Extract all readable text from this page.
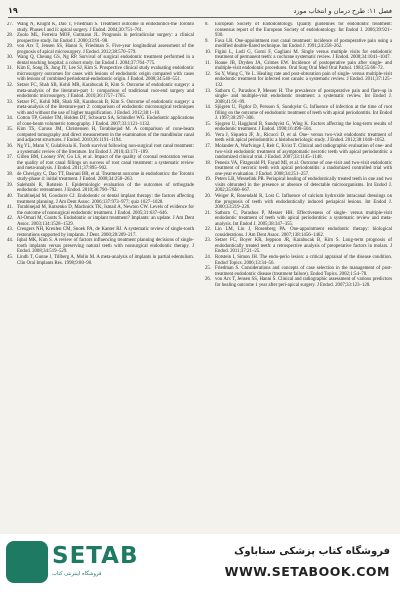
۱۹	فصل ۱۱: طرح درمان و انتخاب مورد
27. Wang N, Knight K, Dao T, Friedman S. Treatment outcome in endodontics-the Toronto study. Phases I and ii: apical surgery. J Endod. 2004;30:751–761.
28. Zuolo ML, Ferreira MOF, Gutmann JL. Prognosis in periradicular surgery: a clinical prospective study. Int Endod J. 2000;33:91–98.
29. von Arx T, Jensen SS, Hanni S, Friedman S. Five-year longitudinal assessment of the prognosis of apical microsurgery. J Endod. 2012;38:570–579.
30. Wang Q, Cheung GS, Ng RP. Survival of surgical endodontic treatment performed in a dental teaching hospital: a cohort study. Int Endod J. 2004;37:764–775.
31. Kim E, Song JS, Jung IY, Lee SJ, Kim S. Prospective clinical study evaluating endodontic microsurgery outcomes for cases with lesions of endodontic origin compared with cases with lesions of combined periodontal-endodontic origin. J Endod. 2008;34:546–551.
32. Setzer FC, Shah SB, Kohli MR, Karabucak B, Kim S. Outcome of endodontic surgery: a meta-analysis of the literature-part 1: comparison of traditional root-end surgery and endodontic microsurgery. J Endod. 2010;36:1757–1765.
33. Setzer FC, Kohli MR, Shah SB, Karabucak B, Kim S. Outcome of endodontic surgery: a meta-analysis of the literature-part 2: comparison of endodontic microsurgical techniques with and without the use of higher magnification. J Endod. 2012;38:1–10.
34. Cotton TP, Geisler TM, Holden DT, Schwartz SA, Schindler WG. Endodontic applications of cone-beam volumetric tomography. J Endod. 2007;33:1121–1132.
35. Kim TS, Caruso JM, Christensen H, Torabinejad M. A comparison of cone-beam computed tomography and direct measurement in the examination of the mandibular canal and adjacent structures. J Endod. 2010;36:1191–1194.
36. Ng YL, Mann V, Gulabivala K. Tooth survival following non-surgical root canal treatment: a systematic review of the literature. Int Endod J. 2010;43:171–189.
37. Gillen BM, Looney SW, Gu LS, et al. Impact of the quality of coronal restoration versus the quality of root canal fillings on success of root canal treatment: a systematic review and meta-analysis. J Endod. 2011;37:895–902.
38. de Chevigny C, Dao TT, Basrani BR, et al. Treatment outcome in endodontics: the Toronto study-phase 4: initial treatment. J Endod. 2008;34:258–263.
39. Salehrabi R, Rotstein I. Epidemiologic evaluation of the outcomes of orthograde endodontic retreatment. J Endod. 2010;36:790–792.
40. Torabinejad M, Goodacre CJ. Endodontic or dental implant therapy: the factors affecting treatment planning. J Am Dent Assoc. 2006;137:973–977; quiz 1027–1028.
41. Torabinejad M, Kutsenko D, Machnick TK, Ismail A, Newton CW. Levels of evidence for the outcome of nonsurgical endodontic treatment. J Endod. 2005;31:637–646.
42. Al-Omari M, Coutts S. Endodontic or implant treatment? Implants: an update. J Am Dent Assoc. 2003;134:1528–1529.
43. Creugers NH, Kreulen CM, Snoek PA, de Kanter RJ. A systematic review of single-tooth restorations supported by implants. J Dent. 2000;28:209–217.
44. Iqbal MK, Kim S. A review of factors influencing treatment planning decisions of single-tooth implants versus preserving natural teeth with nonsurgical endodontic therapy. J Endod. 2008;34:519–529.
45. Lindh T, Gunne J, Tillberg A, Molin M. A meta-analysis of implants in partial edentulism. Clin Oral Implants Res. 1998;9:80–90.
8.	European Society of Endodontology. Quality guidelines for endodontic treatment: consensus report of the European Society of endodontology. Int Endod J. 2006;39:921–930.
9.	Fava LR. One-appointment root canal treatment: incidence of postoperative pain using a modified double-flared technique. Int Endod J. 1991;24:258–262.
10. Figini L, Lodi G, Gorni F, Gagliani M. Single versus multiple visits for endodontic treatment of permanent teeth: a cochrane systematic review. J Endod. 2008;34:1041–1047.
11. Roane JB, Dryden JA, Grimes EW. Incidence of postoperative pain after single- and multiple-visit endodontic procedures. Oral Surg Oral Med Oral Pathol. 1983;55:68–72.
12. Su Y, Wang C, Ye L. Healing rate and post-obturation pain of single- versus multiple-visit endodontic treatment for infected root canals: a systematic review. J Endod. 2011;37:125–132.
13. Sathorn C, Parashos P, Messer H. The prevalence of postoperative pain and flare-up in single- and multiple-visit endodontic treatment: a systematic review. Int Endod J. 2008;41:91–99.
14. Sjögren U, Figdor D, Persson S, Sundqvist G. Influence of infection at the time of root filling on the outcome of endodontic treatment of teeth with apical periodontitis. Int Endod J. 1997;30:297–306.
15. Sjogren U, Hagglund B, Sundqvist G, Wing K. Factors affecting the long-term results of endodontic treatment. J Endod. 1990;16:498–504.
16. Vera J, Siqueira JF, Jr., Ricucci D, et al. One- versus two-visit endodontic treatment of teeth with apical periodontitis: a histobacteriologic study. J Endod. 2012;38:1040–1052.
17. Molander A, Warfvinge J, Reit C, Kvist T. Clinical and radiographic evaluation of one- and two-visit endodontic treatment of asymptomatic necrotic teeth with apical periodontitis: a randomized clinical trial. J Endod. 2007;33:1145–1148.
18. Penesis VA, Fitzgerald PI, Fayad MI, et al. Outcome of one-visit and two-visit endodontic treatment of necrotic teeth with apical periodontitis: a randomized controlled trial with one-year evaluation. J Endod. 2008;34:251–257.
19. Peters LB, Wesselink PR. Periapical healing of endodontically treated teeth in one and two visits obturated in the presence or absence of detectable microorganisms. Int Endod J. 2002;35:660–667.
20. Weiger R, Rosendahl R, Lost C. Influence of calcium hydroxide intracanal dressings on the prognosis of teeth with endodontically induced periapical lesions. Int Endod J. 2000;33:219–226.
21. Sathorn C, Parashos P, Messer HH. Effectiveness of single- versus multiple-visit endodontic treatment of teeth with apical periodontitis: a systematic review and meta-analysis. Int Endod J. 2005;38:347–355.
22. Lin LM, Lin J, Rosenberg PA. One-appointment endodontic therapy: biological considerations. J Am Dent Assoc. 2007;138:1456–1462.
23. Setzer FC, Boyer KR, Jeppson JR, Karabucak B, Kim S. Long-term prognosis of endodontically treated teeth: a retrospective analysis of preoperative factors in molars. J Endod. 2011;37:21–25.
24. Rotstein I, Simon JH. The endo-perio lesion: a critical appraisal of the disease condition. Endod Topics. 2006;13:34–56.
25. Friedman S. Considerations and concepts of case selection in the management of post-treatment endodontic disease (treatment failure). Endod Topics. 2002;1:54–78.
26. von Arx T, Jensen SS, Hanni S. Clinical and radiographic assessment of various predictors for healing outcome 1 year after peri-apical surgery. J Endod. 2007;33:123–128.
SETAB
فروشگاه اینترنتی کتاب
فروشگاه کتاب پزشکی ستاباوک
WWW.SETABOOK.COM
